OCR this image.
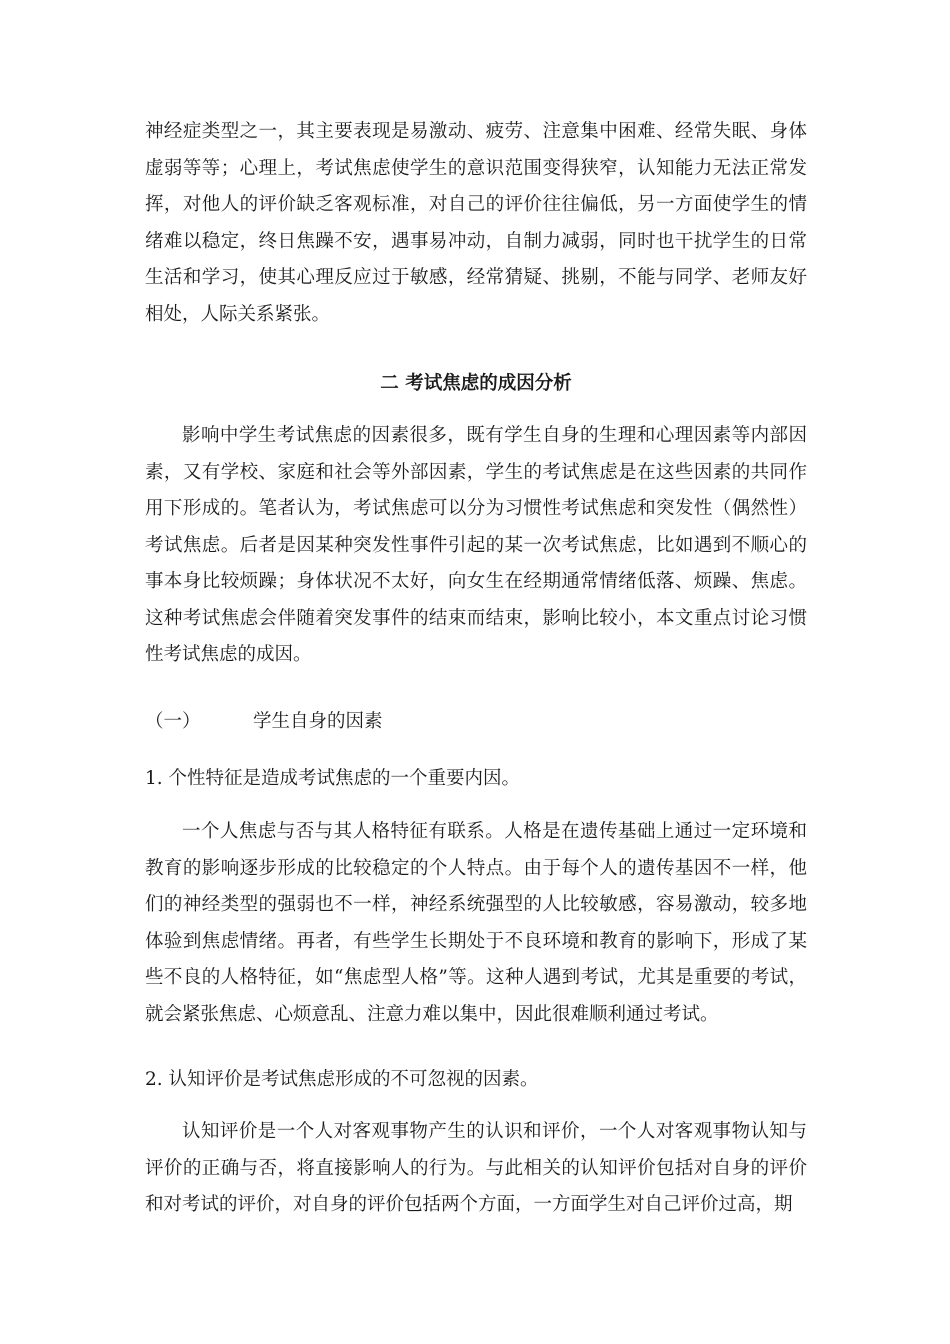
神经症类型之一，其主要表现是易激动、疲劳、注意集中困难、经常失眠、身体虚弱等等；心理上，考试焦虑使学生的意识范围变得狭窄，认知能力无法正常发挥，对他人的评价缺乏客观标准，对自己的评价往往偏低，另一方面使学生的情绪难以稳定，终日焦躁不安，遇事易冲动，自制力减弱，同时也干扰学生的日常生活和学习，使其心理反应过于敏感，经常猜疑、挑剔，不能与同学、老师友好相处，人际关系紧张。

二 考试焦虑的成因分析

影响中学生考试焦虑的因素很多，既有学生自身的生理和心理因素等内部因素，又有学校、家庭和社会等外部因素，学生的考试焦虑是在这些因素的共同作用下形成的。笔者认为，考试焦虑可以分为习惯性考试焦虑和突发性（偶然性）考试焦虑。后者是因某种突发性事件引起的某一次考试焦虑，比如遇到不顺心的事本身比较烦躁；身体状况不太好，向女生在经期通常情绪低落、烦躁、焦虑。这种考试焦虑会伴随着突发事件的结束而结束，影响比较小，本文重点讨论习惯性考试焦虑的成因。

（一）	学生自身的因素

1. 个性特征是造成考试焦虑的一个重要内因。

一个人焦虑与否与其人格特征有联系。人格是在遗传基础上通过一定环境和教育的影响逐步形成的比较稳定的个人特点。由于每个人的遗传基因不一样，他们的神经类型的强弱也不一样，神经系统强型的人比较敏感，容易激动，较多地体验到焦虑情绪。再者，有些学生长期处于不良环境和教育的影响下，形成了某些不良的人格特征，如“焦虑型人格”等。这种人遇到考试，尤其是重要的考试，就会紧张焦虑、心烦意乱、注意力难以集中，因此很难顺利通过考试。

2. 认知评价是考试焦虑形成的不可忽视的因素。

认知评价是一个人对客观事物产生的认识和评价，一个人对客观事物认知与评价的正确与否，将直接影响人的行为。与此相关的认知评价包括对自身的评价和对考试的评价，对自身的评价包括两个方面，一方面学生对自己评价过高，期
